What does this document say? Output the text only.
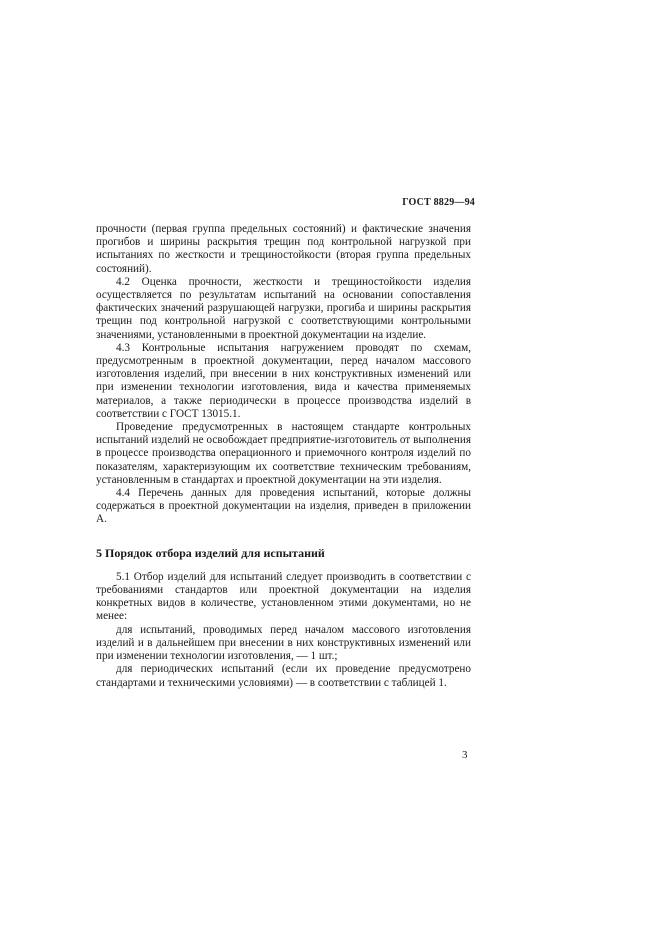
ГОСТ 8829—94

прочности (первая группа предельных состояний) и фактические значения прогибов и ширины раскрытия трещин под контрольной нагрузкой при испытаниях по жесткости и трещиностойкости (вторая группа предельных состояний).

4.2 Оценка прочности, жесткости и трещиностойкости изделия осуществляется по результатам испытаний на основании сопоставления фактических значений разрушающей нагрузки, прогиба и ширины раскрытия трещин под контрольной нагрузкой с соответствующими контрольными значениями, установленными в проектной документации на изделие.

4.3 Контрольные испытания нагружением проводят по схемам, предусмотренным в проектной документации, перед началом массового изготовления изделий, при внесении в них конструктивных изменений или при изменении технологии изготовления, вида и качества применяемых материалов, а также периодически в процессе производства изделий в соответствии с ГОСТ 13015.1.

Проведение предусмотренных в настоящем стандарте контрольных испытаний изделий не освобождает предприятие-изготовитель от выполнения в процессе производства операционного и приемочного контроля изделий по показателям, характеризующим их соответствие техническим требованиям, установленным в стандартах и проектной документации на эти изделия.

4.4 Перечень данных для проведения испытаний, которые должны содержаться в проектной документации на изделия, приведен в приложении А.

5 Порядок отбора изделий для испытаний

5.1 Отбор изделий для испытаний следует производить в соответствии с требованиями стандартов или проектной документации на изделия конкретных видов в количестве, установленном этими документами, но не менее:

для испытаний, проводимых перед началом массового изготовления изделий и в дальнейшем при внесении в них конструктивных изменений или при изменении технологии изготовления, — 1 шт.;

для периодических испытаний (если их проведение предусмотрено стандартами и техническими условиями) — в соответствии с таблицей 1.

3
